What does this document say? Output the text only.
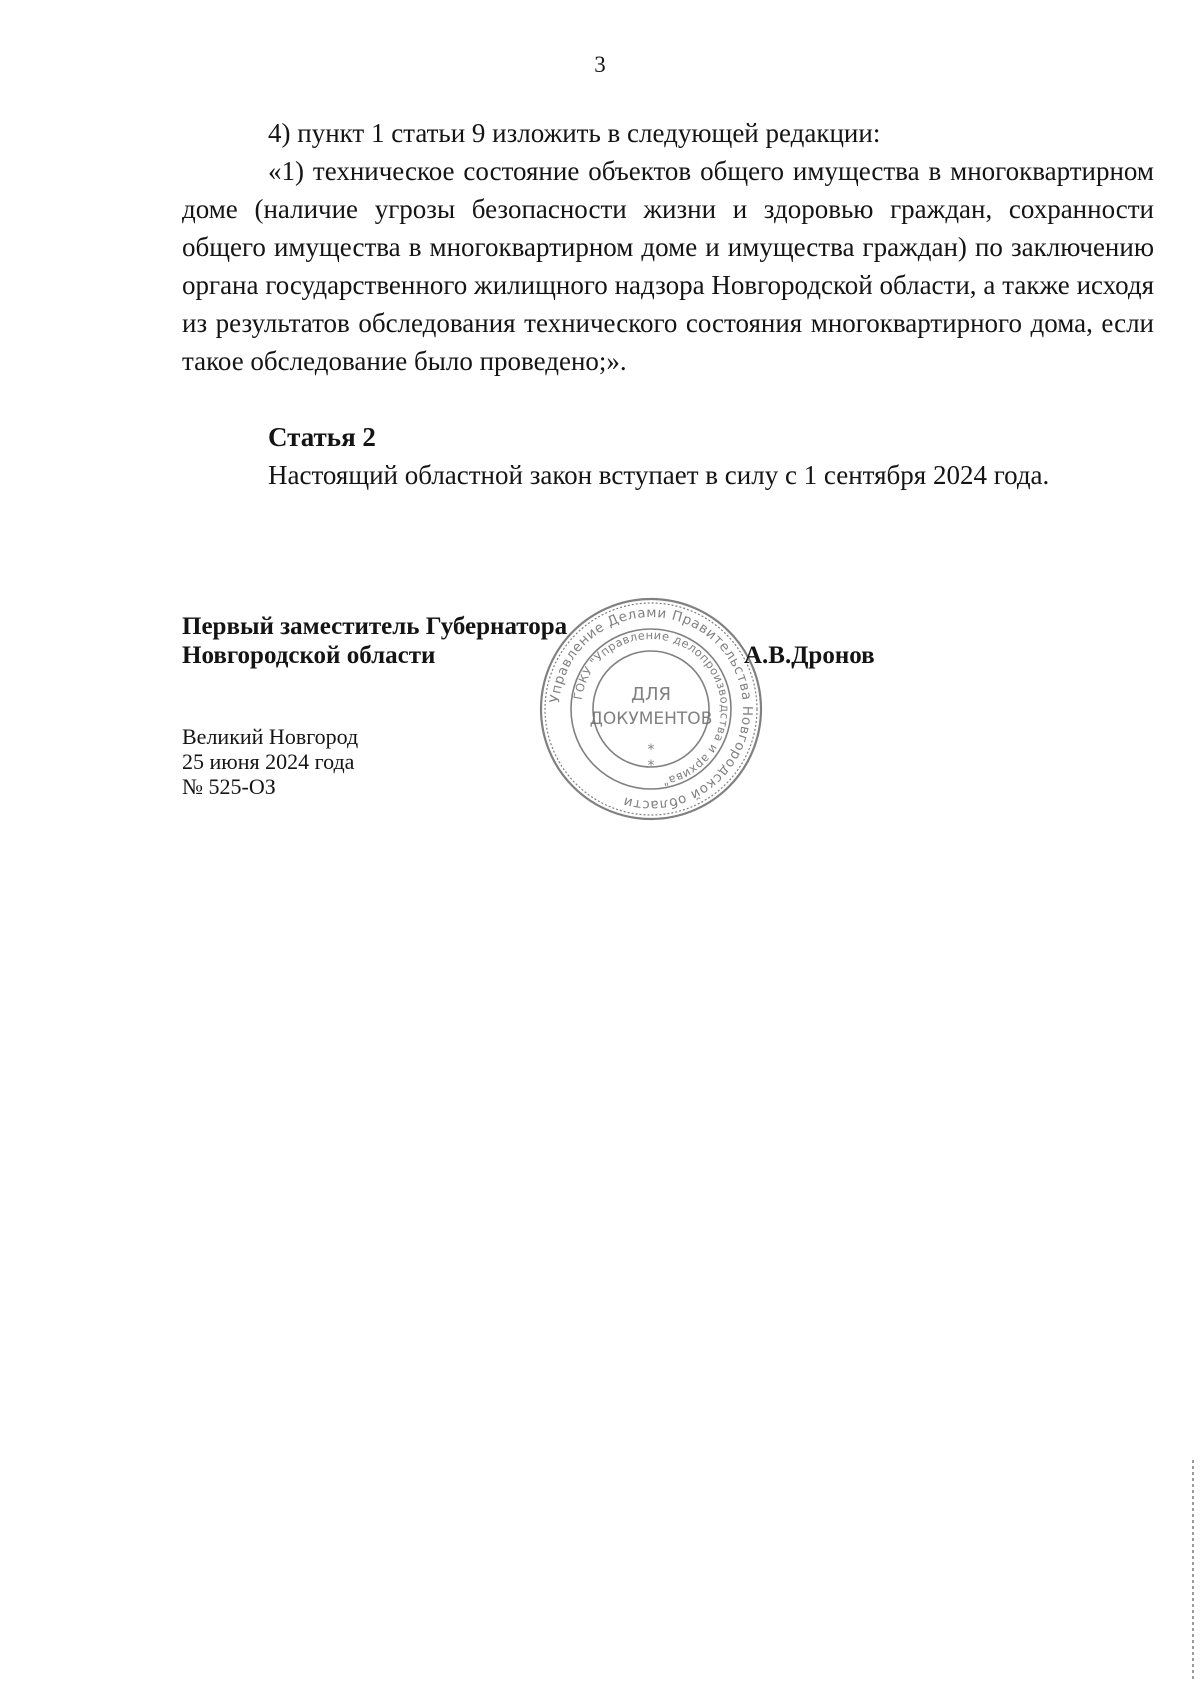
3

4) пункт 1 статьи 9 изложить в следующей редакции:

«1) техническое состояние объектов общего имущества в многоквартирном доме (наличие угрозы безопасности жизни и здоровью граждан, сохранности общего имущества в многоквартирном доме и имущества граждан) по заключению органа государственного жилищного надзора Новгородской области, а также исходя из результатов обследования технического состояния многоквартирного дома, если такое обследование было проведено;».

Статья 2
Настоящий областной закон вступает в силу с 1 сентября 2024 года.
Первый заместитель Губернатора
Новгородской области
Великий Новгород
25 июня 2024 года
№ 525-ОЗ
Управление Делами Правительства Новгородской области
ГОКУ "Управление делопроизводства и архива"
ДЛЯ
ДОКУМЕНТОВ
*
*
А.В.Дронов
